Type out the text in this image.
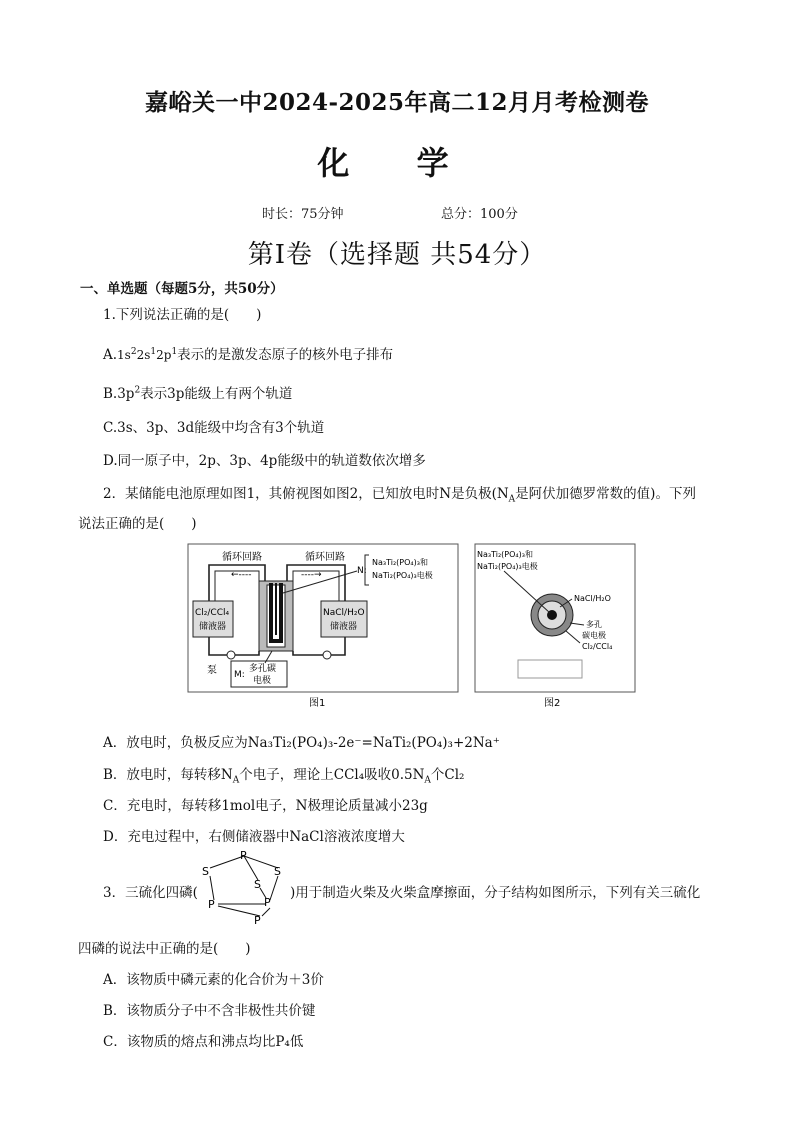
嘉峪关一中2024-2025年高二12月月考检测卷
化 学
时长：75分钟	总分：100分
第I卷（选择题 共54分）
一、单选题（每题5分，共50分）
1.下列说法正确的是(　　)
$A.1s^22s^12p^1$表示的是激发态原子的核外电子排布
$B.3p^2$表示3p能级上有两个轨道
C.3s、3p、3d能级中均含有3个轨道
D.同一原子中，2p、3p、4p能级中的轨道数依次增多
2．某储能电池原理如图1，其俯视图如图2，已知放电时N是负极($N_A$是阿伏加德罗常数的值)。下列
说法正确的是(　　)
循环回路	循环回路
←----	----→
Cl₂/CCl₄
储液器
NaCl/H₂O
储液器
泵 M:
多孔碳
电极
N:
Na₃Ti₂(PO₄)₃和
NaTi₂(PO₄)₃电极
图1
Na₃Ti₂(PO₄)₃和
NaTi₂(PO₄)₃电极
NaCl/H₂O
多孔
碳电极
Cl₂/CCl₄
图2
A．放电时，负极反应为Na₃Ti₂(PO₄)₃-2e⁻=NaTi₂(PO₄)₃+2Na⁺
B．放电时，每转移$N_A$个电子，理论上CCl₄吸收$0.5N_A$个Cl₂
C．充电时，每转移1mol电子，N极理论质量减小23g
D．充电过程中，右侧储液器中NaCl溶液浓度增大
3．三硫化四磷(
P
S	S
S
P	P
P
)用于制造火柴及火柴盒摩擦面，分子结构如图所示，下列有关三硫化
四磷的说法中正确的是(　　)
A．该物质中磷元素的化合价为＋3价
B．该物质分子中不含非极性共价键
C．该物质的熔点和沸点均比P₄低
